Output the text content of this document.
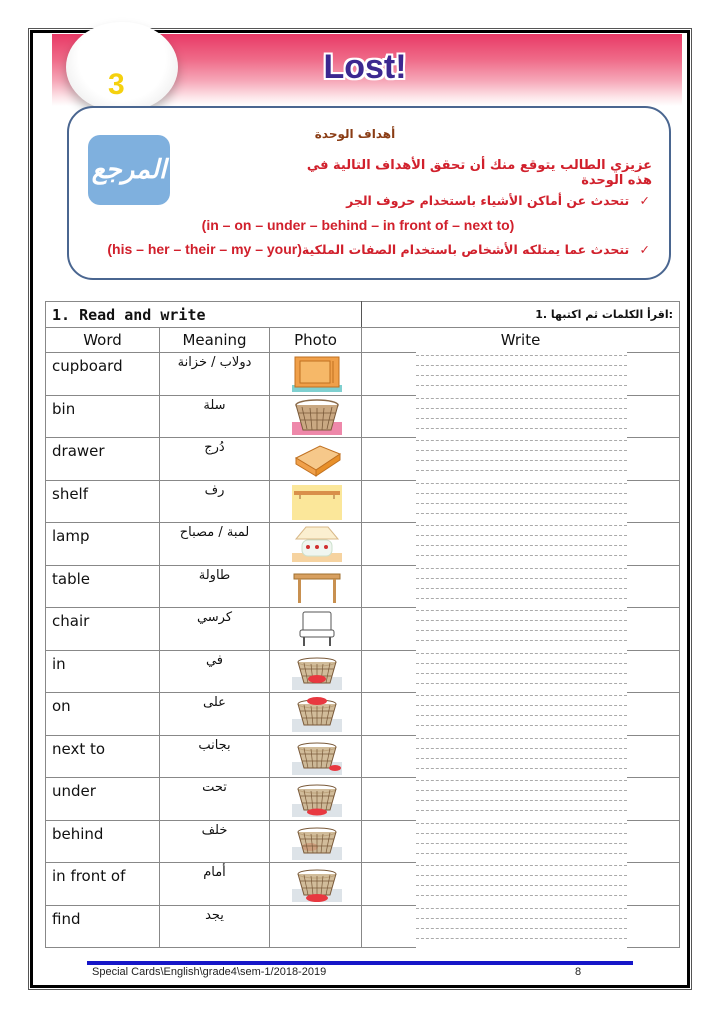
3	Lost!
المرجع
أهداف الوحدة
عزيزي الطالب يتوقع منك أن تحقق الأهداف التالية في هذه الوحدة
✓ تتحدث عن أماكن الأشياء باستخدام حروف الجر
(in – on – under – behind – in front of – next to)
(his – her – their – my – your)تتحدث عما يمتلكه الأشخاص باستخدام الصفات الملكية ✓
1. Read and write			1. اقرأ الكلمات ثم اكتبها:
Word	Meaning	Photo	Write
cupboard	دولاب / خزانة	

bin	سلة	

drawer	دُرج	

shelf	رف	

lamp	لمبة / مصباح	

table	طاولة	

chair	كرسي	

in	في	

on	على	

next to	بجانب	

under	تحت	

behind	خلف	

in front of	أمام	

find	يجد		
Special Cards\English\grade4\sem-1/2018-2019	8
